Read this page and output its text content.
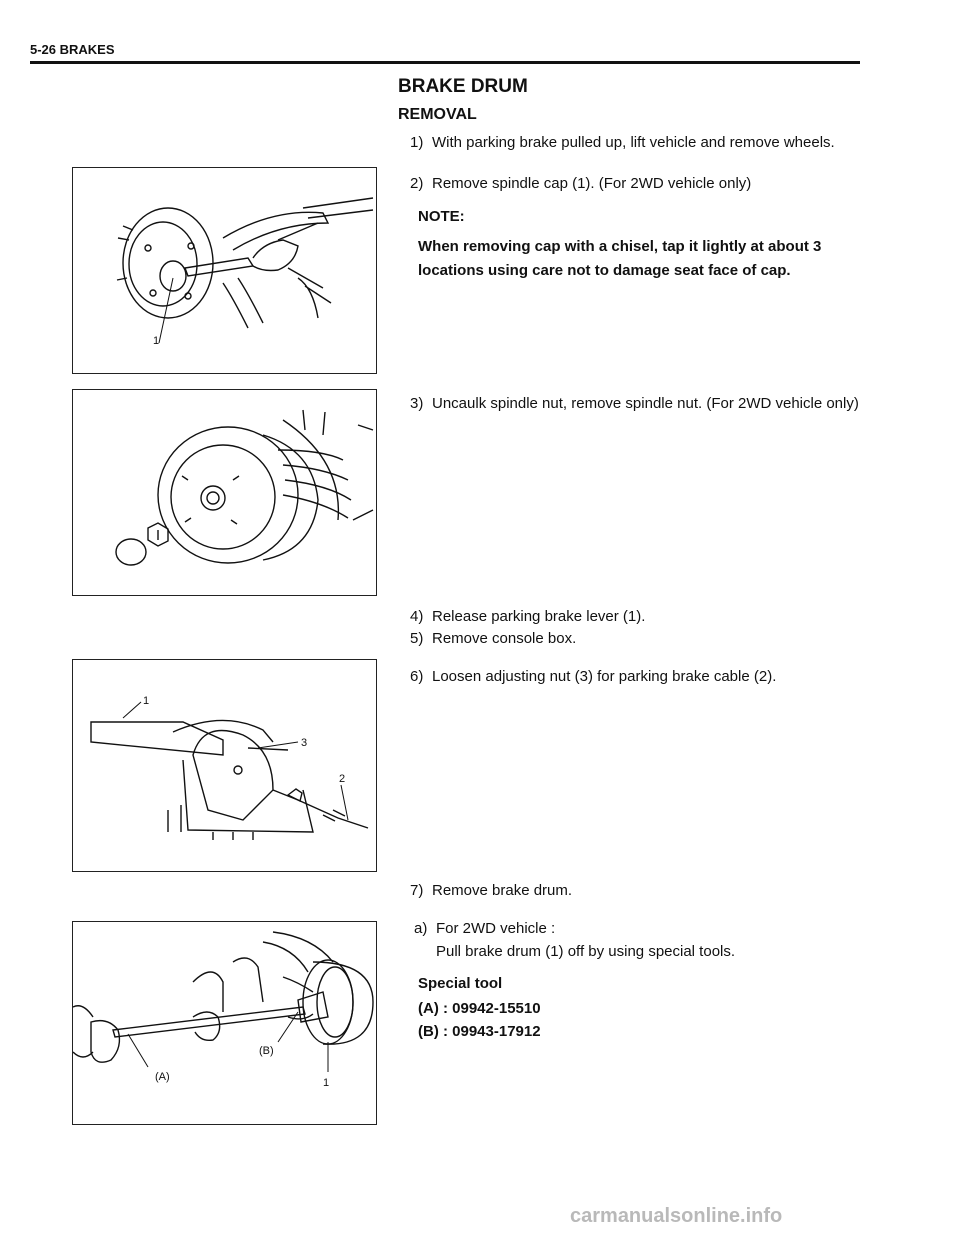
5-26 BRAKES
BRAKE DRUM
REMOVAL
1) With parking brake pulled up, lift vehicle and remove wheels.
1
2) Remove spindle cap (1). (For 2WD vehicle only)
NOTE:
When removing cap with a chisel, tap it lightly at about 3 locations using care not to damage seat face of cap.
3) Uncaulk spindle nut, remove spindle nut. (For 2WD vehicle only)
4) Release parking brake lever (1).
5) Remove console box.
1
3
2
6) Loosen adjusting nut (3) for parking brake cable (2).
7) Remove brake drum.
(A)
(B)
1
a) For 2WD vehicle :
Pull brake drum (1) off by using special tools.
Special tool
(A) : 09942-15510
(B) : 09943-17912
carmanualsonline.info
